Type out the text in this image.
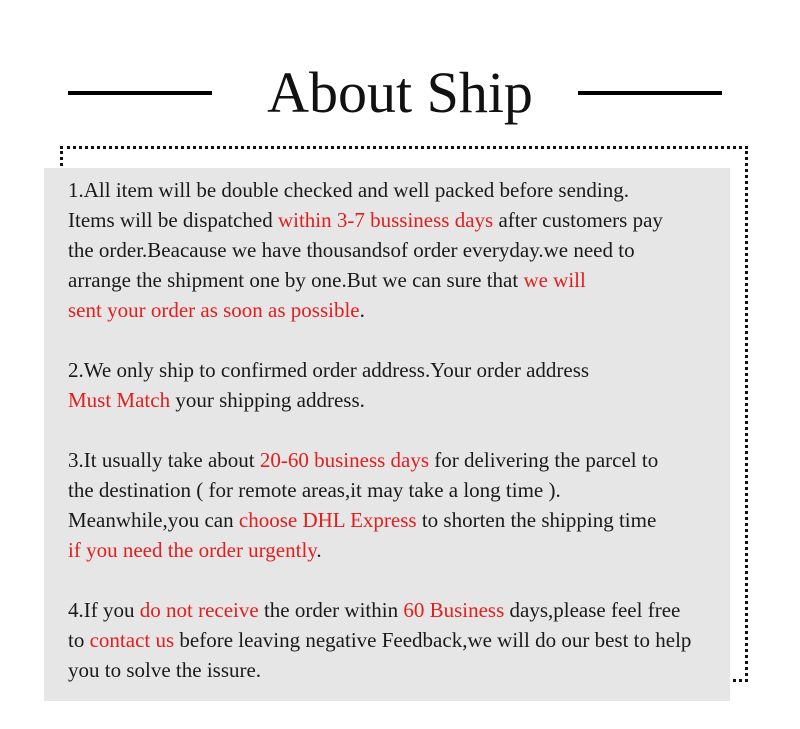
About Ship
1.All item will be double checked and well packed before sending.
Items will be dispatched within 3-7 bussiness days after customers pay
the order.Beacause we have thousandsof order everyday.we need to
arrange the shipment one by one.But we can sure that we will
sent your order as soon as possible.
2.We only ship to confirmed order address.Your order address
Must Match your shipping address.
3.It usually take about 20-60 business days for delivering the parcel to
the destination ( for remote areas,it may take a long time ).
Meanwhile,you can choose DHL Express to shorten the shipping time
if you need the order urgently.
4.If you do not receive the order within 60 Business days,please feel free
to contact us before leaving negative Feedback,we will do our best to help
you to solve the issure.
